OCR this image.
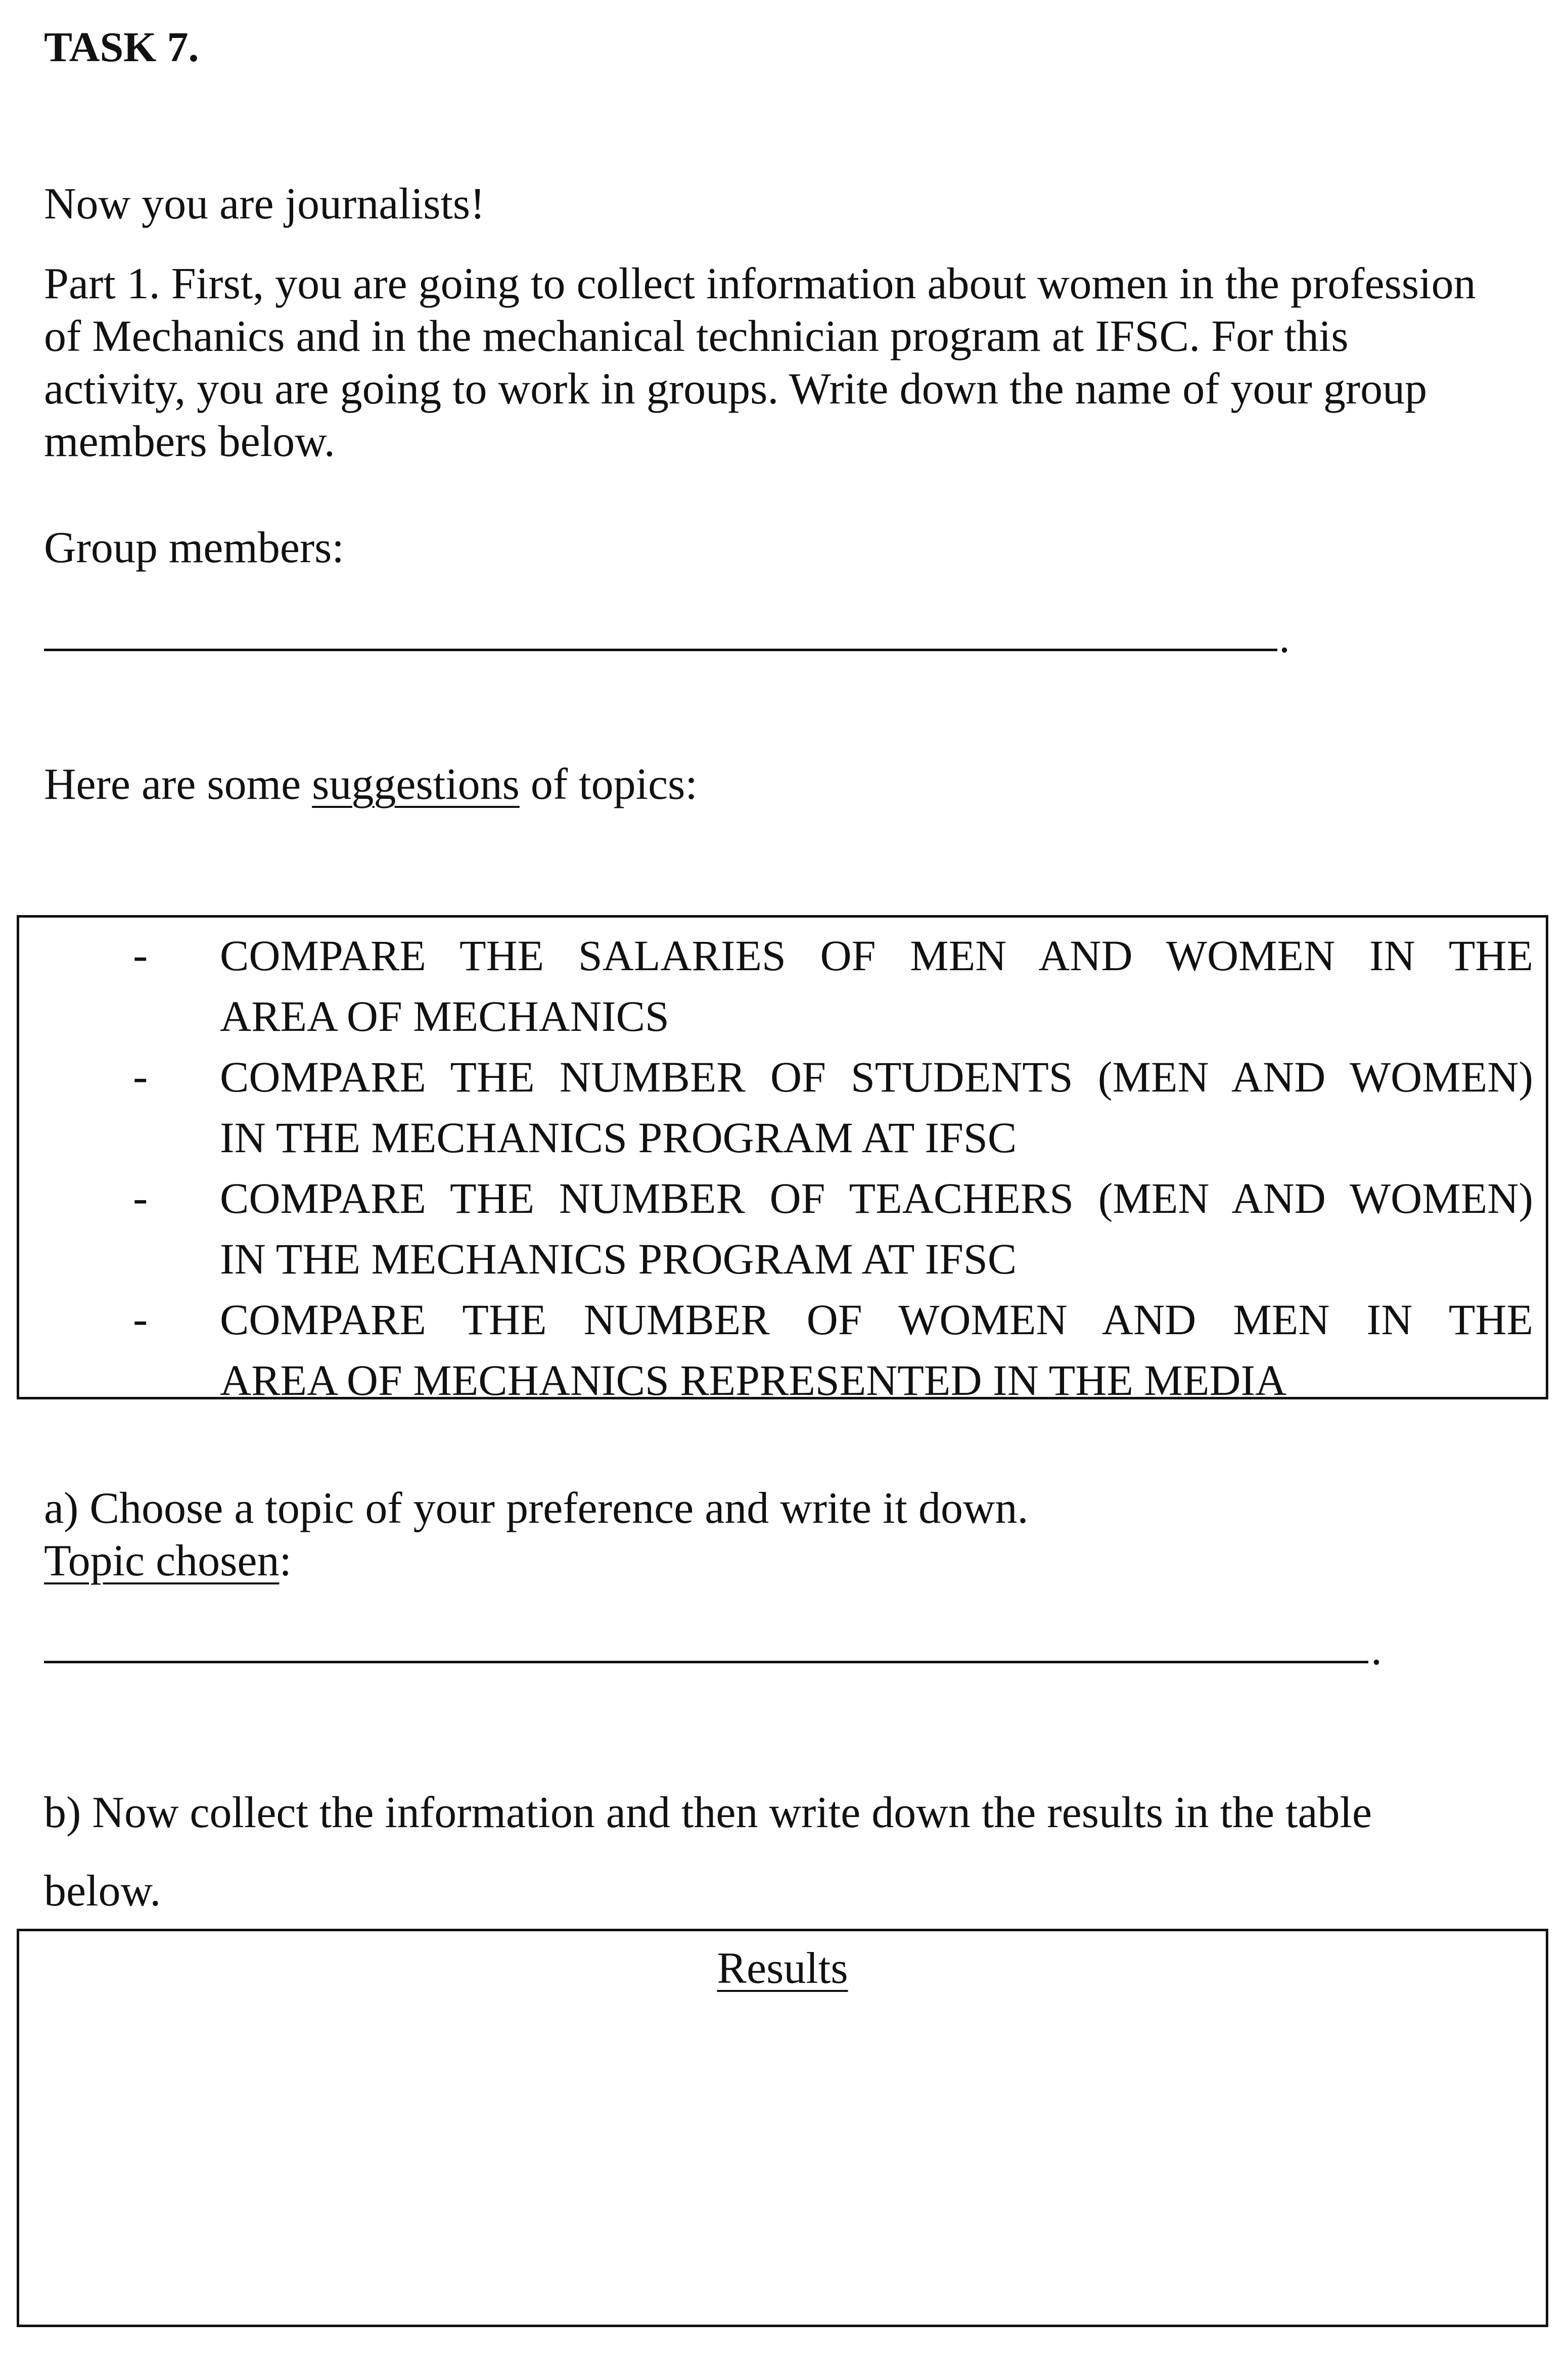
TASK 7.
Now you are journalists!
Part 1. First, you are going to collect information about women in the profession
of Mechanics and in the mechanical technician program at IFSC. For this
activity, you are going to work in groups. Write down the name of your group
members below.
Group members:
.
Here are some suggestions of topics:
- COMPARE THE SALARIES OF MEN AND WOMEN IN THE
AREA OF MECHANICS
- COMPARE THE NUMBER OF STUDENTS (MEN AND WOMEN)
IN THE MECHANICS PROGRAM AT IFSC
- COMPARE THE NUMBER OF TEACHERS (MEN AND WOMEN)
IN THE MECHANICS PROGRAM AT IFSC
- COMPARE THE NUMBER OF WOMEN AND MEN IN THE
AREA OF MECHANICS REPRESENTED IN THE MEDIA
a) Choose a topic of your preference and write it down.
Topic chosen:
.
b) Now collect the information and then write down the results in the table
below.
Results
